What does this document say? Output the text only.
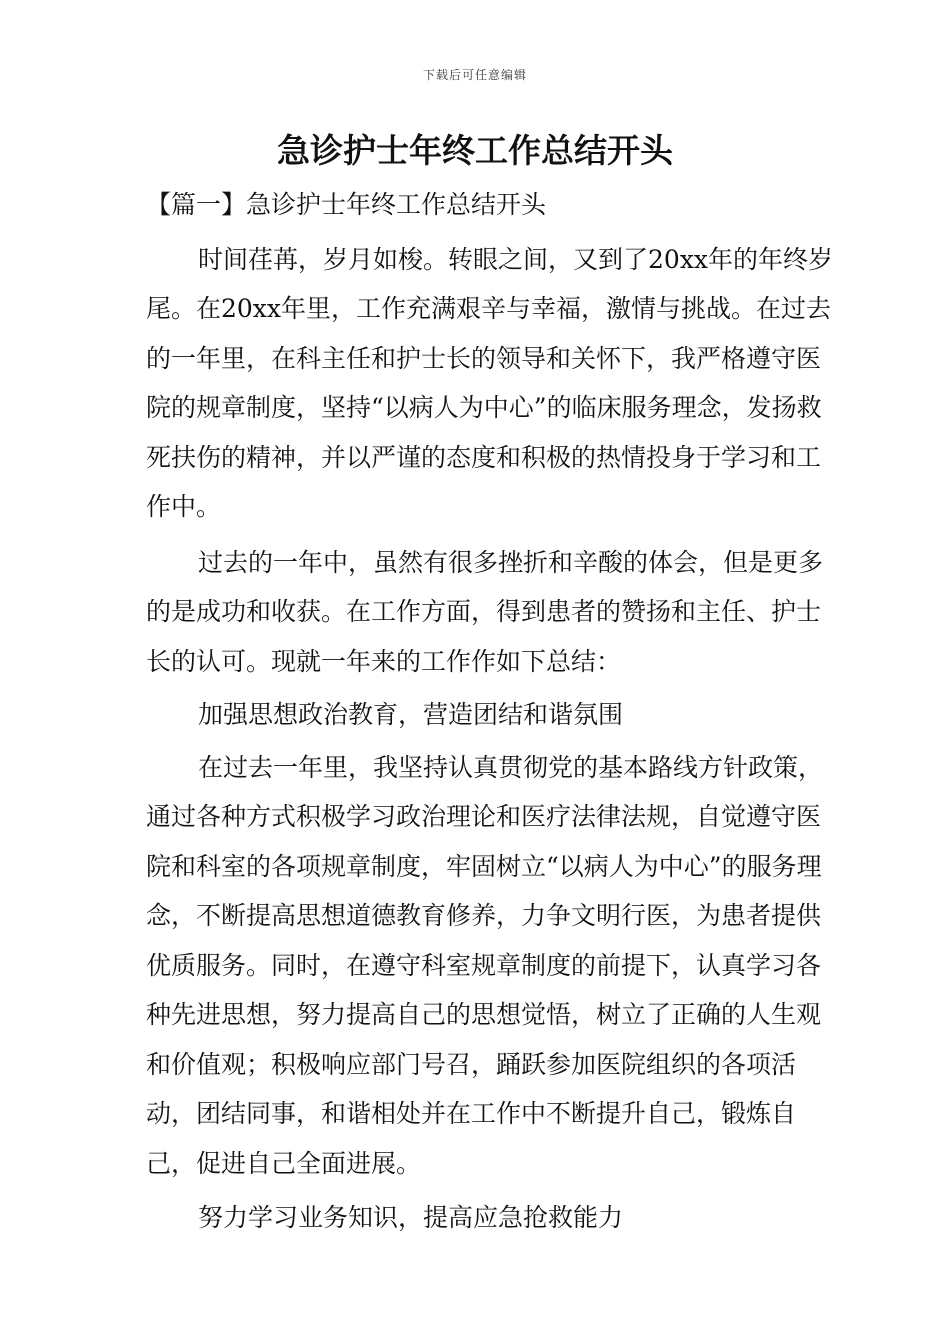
下载后可任意编辑
急诊护士年终工作总结开头

【篇一】急诊护士年终工作总结开头

时间荏苒，岁月如梭。转眼之间，又到了20xx年的年终岁尾。在20xx年里，工作充满艰辛与幸福，激情与挑战。在过去的一年里，在科主任和护士长的领导和关怀下，我严格遵守医院的规章制度，坚持“以病人为中心”的临床服务理念，发扬救死扶伤的精神，并以严谨的态度和积极的热情投身于学习和工作中。

过去的一年中，虽然有很多挫折和辛酸的体会，但是更多的是成功和收获。在工作方面，得到患者的赞扬和主任、护士长的认可。现就一年来的工作作如下总结：

加强思想政治教育，营造团结和谐氛围

在过去一年里，我坚持认真贯彻党的基本路线方针政策，通过各种方式积极学习政治理论和医疗法律法规，自觉遵守医院和科室的各项规章制度，牢固树立“以病人为中心”的服务理念，不断提高思想道德教育修养，力争文明行医，为患者提供优质服务。同时，在遵守科室规章制度的前提下，认真学习各种先进思想，努力提高自己的思想觉悟，树立了正确的人生观和价值观；积极响应部门号召，踊跃参加医院组织的各项活动，团结同事，和谐相处并在工作中不断提升自己，锻炼自己，促进自己全面进展。

努力学习业务知识，提高应急抢救能力
